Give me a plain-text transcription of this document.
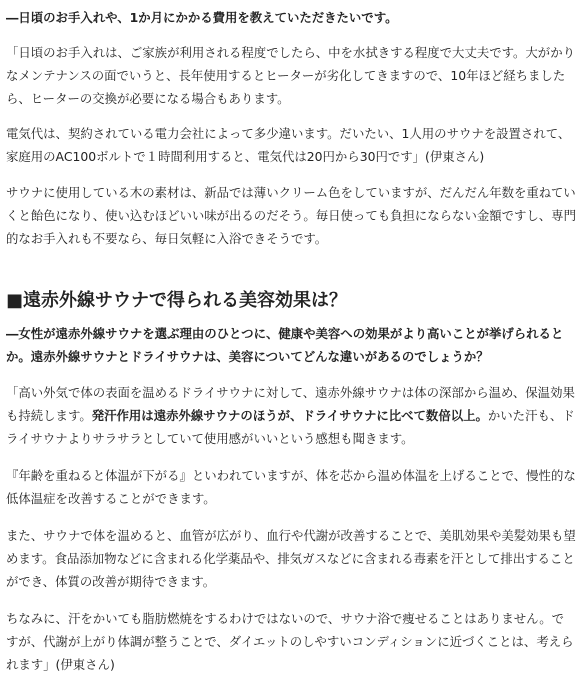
―日頃のお手入れや、1か月にかかる費用を教えていただきたいです。

「日頃のお手入れは、ご家族が利用される程度でしたら、中を水拭きする程度で大丈夫です。大がかりなメンテナンスの面でいうと、長年使用するとヒーターが劣化してきますので、10年ほど経ちましたら、ヒーターの交換が必要になる場合もあります。

電気代は、契約されている電力会社によって多少違います。だいたい、1人用のサウナを設置されて、家庭用のAC100ボルトで１時間利用すると、電気代は20円から30円です」(伊東さん)

サウナに使用している木の素材は、新品では薄いクリーム色をしていますが、だんだん年数を重ねていくと飴色になり、使い込むほどいい味が出るのだそう。毎日使っても負担にならない金額ですし、専門的なお手入れも不要なら、毎日気軽に入浴できそうです。

■遠赤外線サウナで得られる美容効果は？
―女性が遠赤外線サウナを選ぶ理由のひとつに、健康や美容への効果がより高いことが挙げられるとか。遠赤外線サウナとドライサウナは、美容についてどんな違いがあるのでしょうか？

「高い外気で体の表面を温めるドライサウナに対して、遠赤外線サウナは体の深部から温め、保温効果も持続します。発汗作用は遠赤外線サウナのほうが、ドライサウナに比べて数倍以上。かいた汗も、ドライサウナよりサラサラとしていて使用感がいいという感想も聞きます。

『年齢を重ねると体温が下がる』といわれていますが、体を芯から温め体温を上げることで、慢性的な低体温症を改善することができます。

また、サウナで体を温めると、血管が広がり、血行や代謝が改善することで、美肌効果や美髪効果も望めます。食品添加物などに含まれる化学薬品や、排気ガスなどに含まれる毒素を汗として排出することができ、体質の改善が期待できます。

ちなみに、汗をかいても脂肪燃焼をするわけではないので、サウナ浴で痩せることはありません。ですが、代謝が上がり体調が整うことで、ダイエットのしやすいコンディションに近づくことは、考えられます」(伊東さん)
